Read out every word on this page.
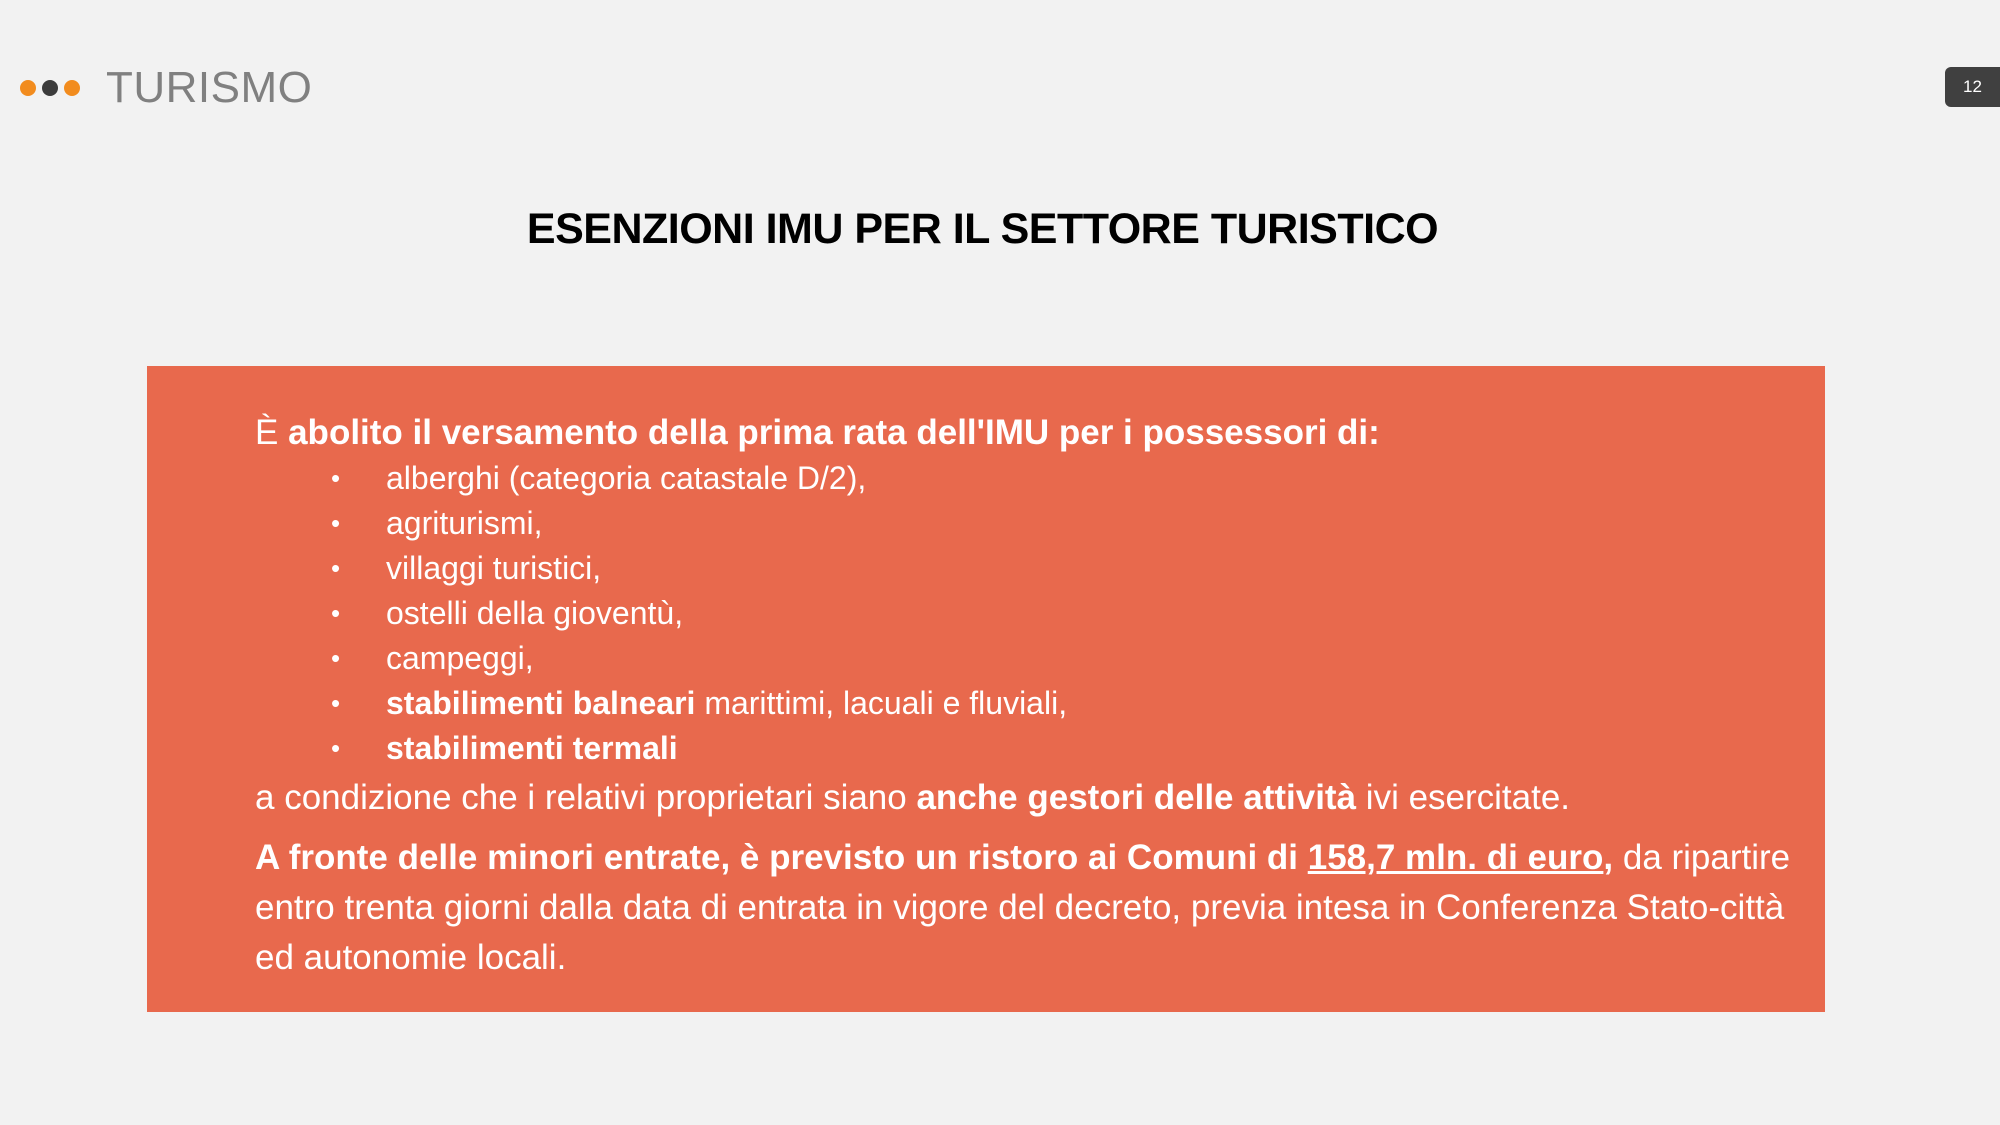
TURISMO	12
ESENZIONI IMU PER IL SETTORE TURISTICO

È abolito il versamento della prima rata dell'IMU per i possessori di:

• alberghi (categoria catastale D/2),
• agriturismi,
• villaggi turistici,
• ostelli della gioventù,
• campeggi,
• stabilimenti balneari marittimi, lacuali e fluviali,
• stabilimenti termali

a condizione che i relativi proprietari siano anche gestori delle attività ivi esercitate.

A fronte delle minori entrate, è previsto un ristoro ai Comuni di 158,7 mln. di euro, da ripartire entro trenta giorni dalla data di entrata in vigore del decreto, previa intesa in Conferenza Stato-città ed autonomie locali.
